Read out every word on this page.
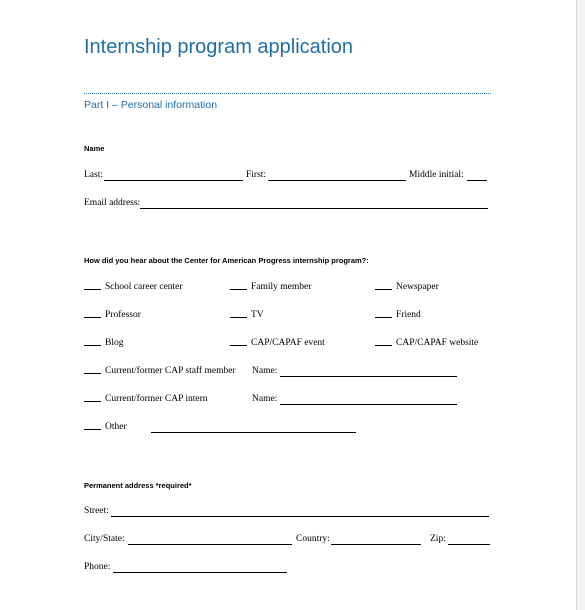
Internship program application
Part I – Personal information
Name
Last:	First:	Middle initial:
Email address:
How did you hear about the Center for American Progress internship program?:
School career center	Family member	Newspaper
Professor	TV	Friend
Blog	CAP/CAPAF event	CAP/CAPAF website
Current/former CAP staff member Name:
Current/former CAP intern	Name:
Other
Permanent address *required*
Street:
City/State:	Country:	Zip:
Phone:
